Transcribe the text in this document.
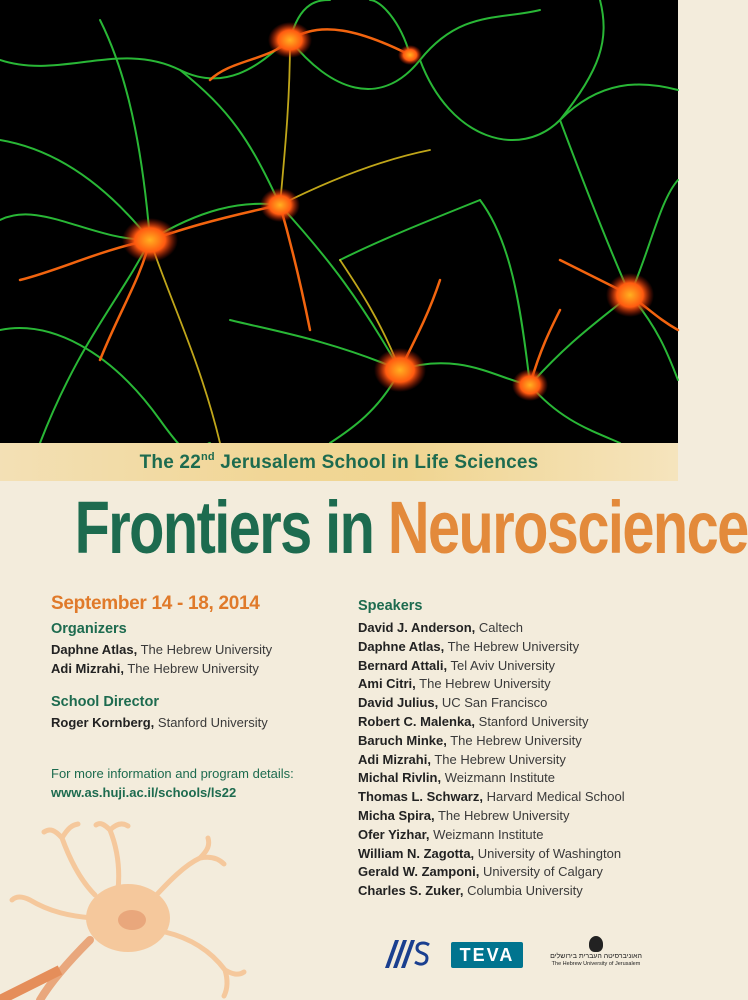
The 22nd Jerusalem School in Life Sciences
Frontiers in Neuroscience
September 14 - 18, 2014
Organizers
Daphne Atlas, The Hebrew University
Adi Mizrahi, The Hebrew University
School Director
Roger Kornberg, Stanford University
For more information and program details:
www.as.huji.ac.il/schools/ls22
Speakers
David J. Anderson, Caltech
Daphne Atlas, The Hebrew University
Bernard Attali, Tel Aviv University
Ami Citri, The Hebrew University
David Julius, UC San Francisco
Robert C. Malenka, Stanford University
Baruch Minke, The Hebrew University
Adi Mizrahi, The Hebrew University
Michal Rivlin, Weizmann Institute
Thomas L. Schwarz, Harvard Medical School
Micha Spira, The Hebrew University
Ofer Yizhar, Weizmann Institute
William N. Zagotta, University of Washington
Gerald W. Zamponi, University of Calgary
Charles S. Zuker, Columbia University
TEVA	האוניברסיטה העברית בירושלים
The Hebrew University of Jerusalem
